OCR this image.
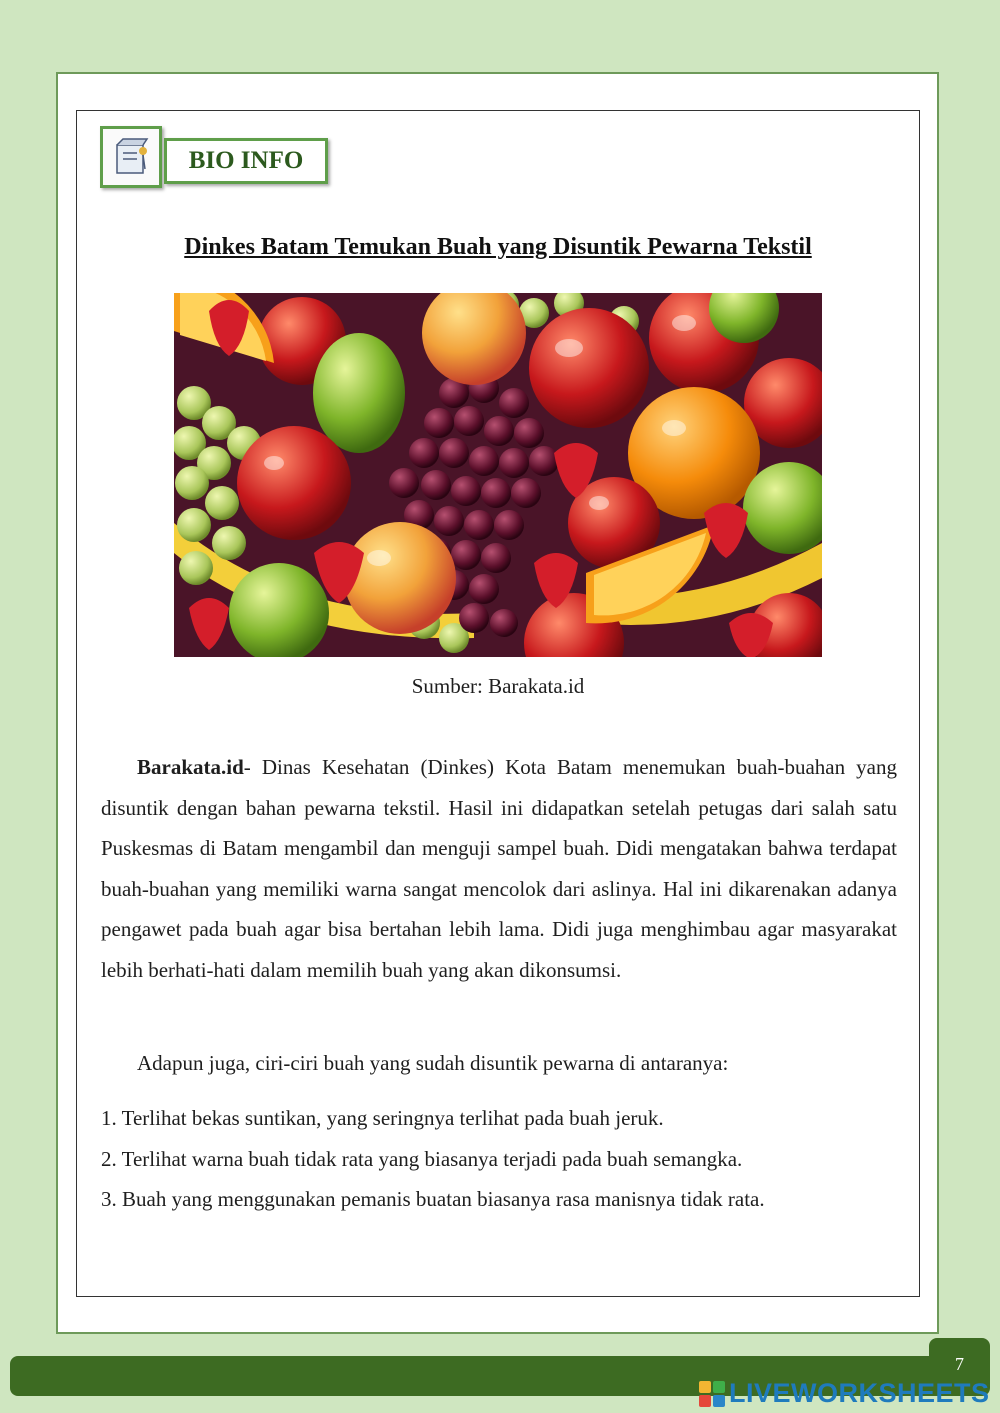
BIO INFO
Dinkes Batam Temukan Buah yang Disuntik Pewarna Tekstil
Sumber: Barakata.id

Barakata.id- Dinas Kesehatan (Dinkes) Kota Batam menemukan buah-buahan yang disuntik dengan bahan pewarna tekstil. Hasil ini didapatkan setelah petugas dari salah satu Puskesmas di Batam mengambil dan menguji sampel buah. Didi mengatakan bahwa terdapat buah-buahan yang memiliki warna sangat mencolok dari aslinya. Hal ini dikarenakan adanya pengawet pada buah agar bisa bertahan lebih lama. Didi juga menghimbau agar masyarakat lebih berhati-hati dalam memilih buah yang akan dikonsumsi.

Adapun juga, ciri-ciri buah yang sudah disuntik pewarna di antaranya:

1. Terlihat bekas suntikan, yang seringnya terlihat pada buah jeruk.
2. Terlihat warna buah tidak rata yang biasanya terjadi pada buah semangka.
3. Buah yang menggunakan pemanis buatan biasanya rasa manisnya tidak rata.
7
LIVEWORKSHEETS
